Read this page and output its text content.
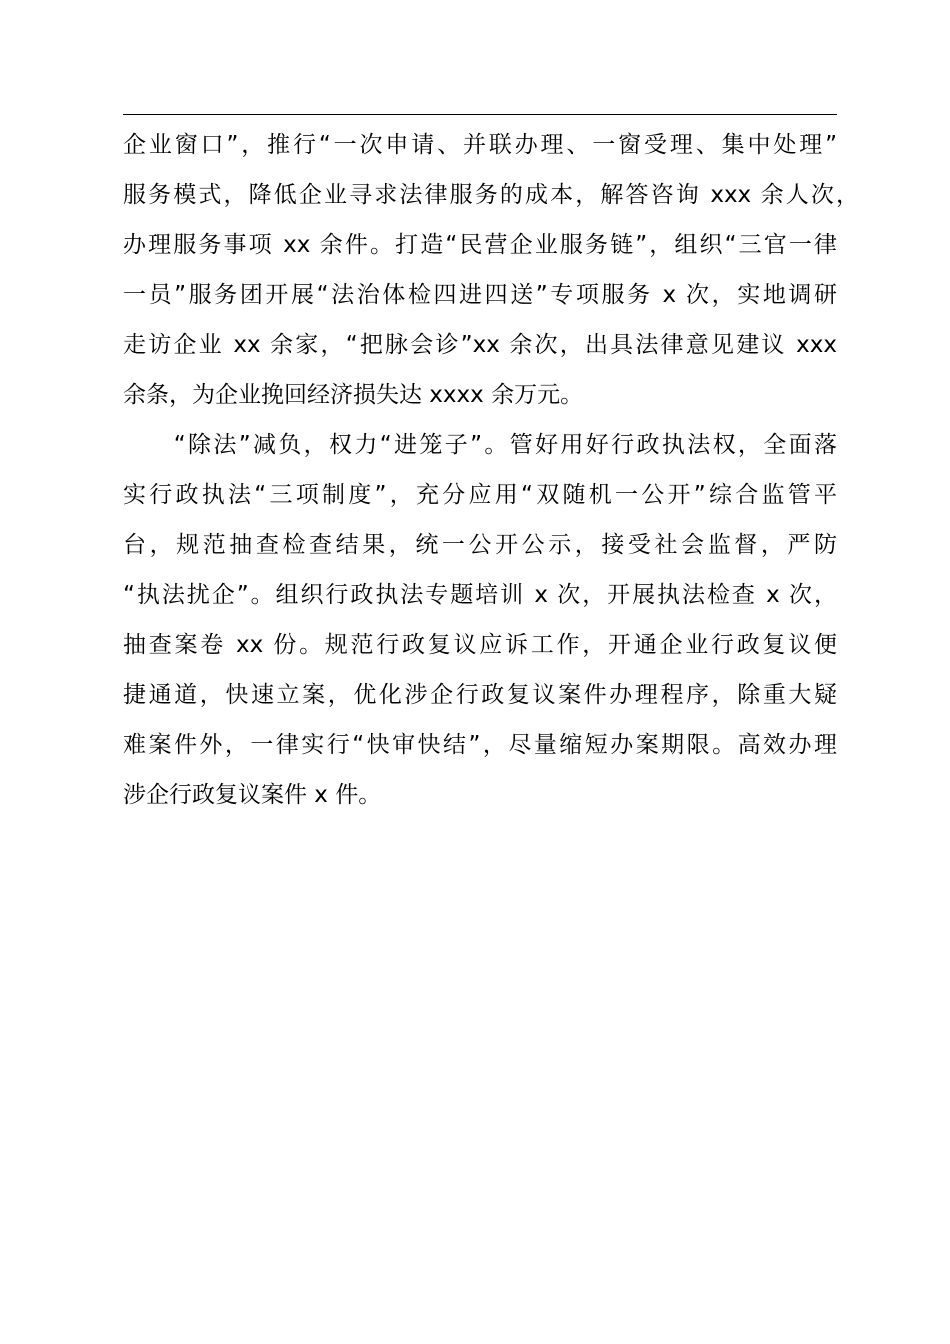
企业窗口”，推行“一次申请、并联办理、一窗受理、集中处理”
服务模式，降低企业寻求法律服务的成本，解答咨询 xxx 余人次，
办理服务事项 xx 余件。打造“民营企业服务链”，组织“三官一律
一员”服务团开展“法治体检四进四送”专项服务 x 次，实地调研
走访企业 xx 余家，“把脉会诊”xx 余次，出具法律意见建议 xxx
余条，为企业挽回经济损失达 xxxx 余万元。
　　“除法”减负，权力“进笼子”。管好用好行政执法权，全面落
实行政执法“三项制度”，充分应用“双随机一公开”综合监管平
台，规范抽查检查结果，统一公开公示，接受社会监督，严防
“执法扰企”。组织行政执法专题培训 x 次，开展执法检查 x 次，
抽查案卷 xx 份。规范行政复议应诉工作，开通企业行政复议便
捷通道，快速立案，优化涉企行政复议案件办理程序，除重大疑
难案件外，一律实行“快审快结”，尽量缩短办案期限。高效办理
涉企行政复议案件 x 件。
